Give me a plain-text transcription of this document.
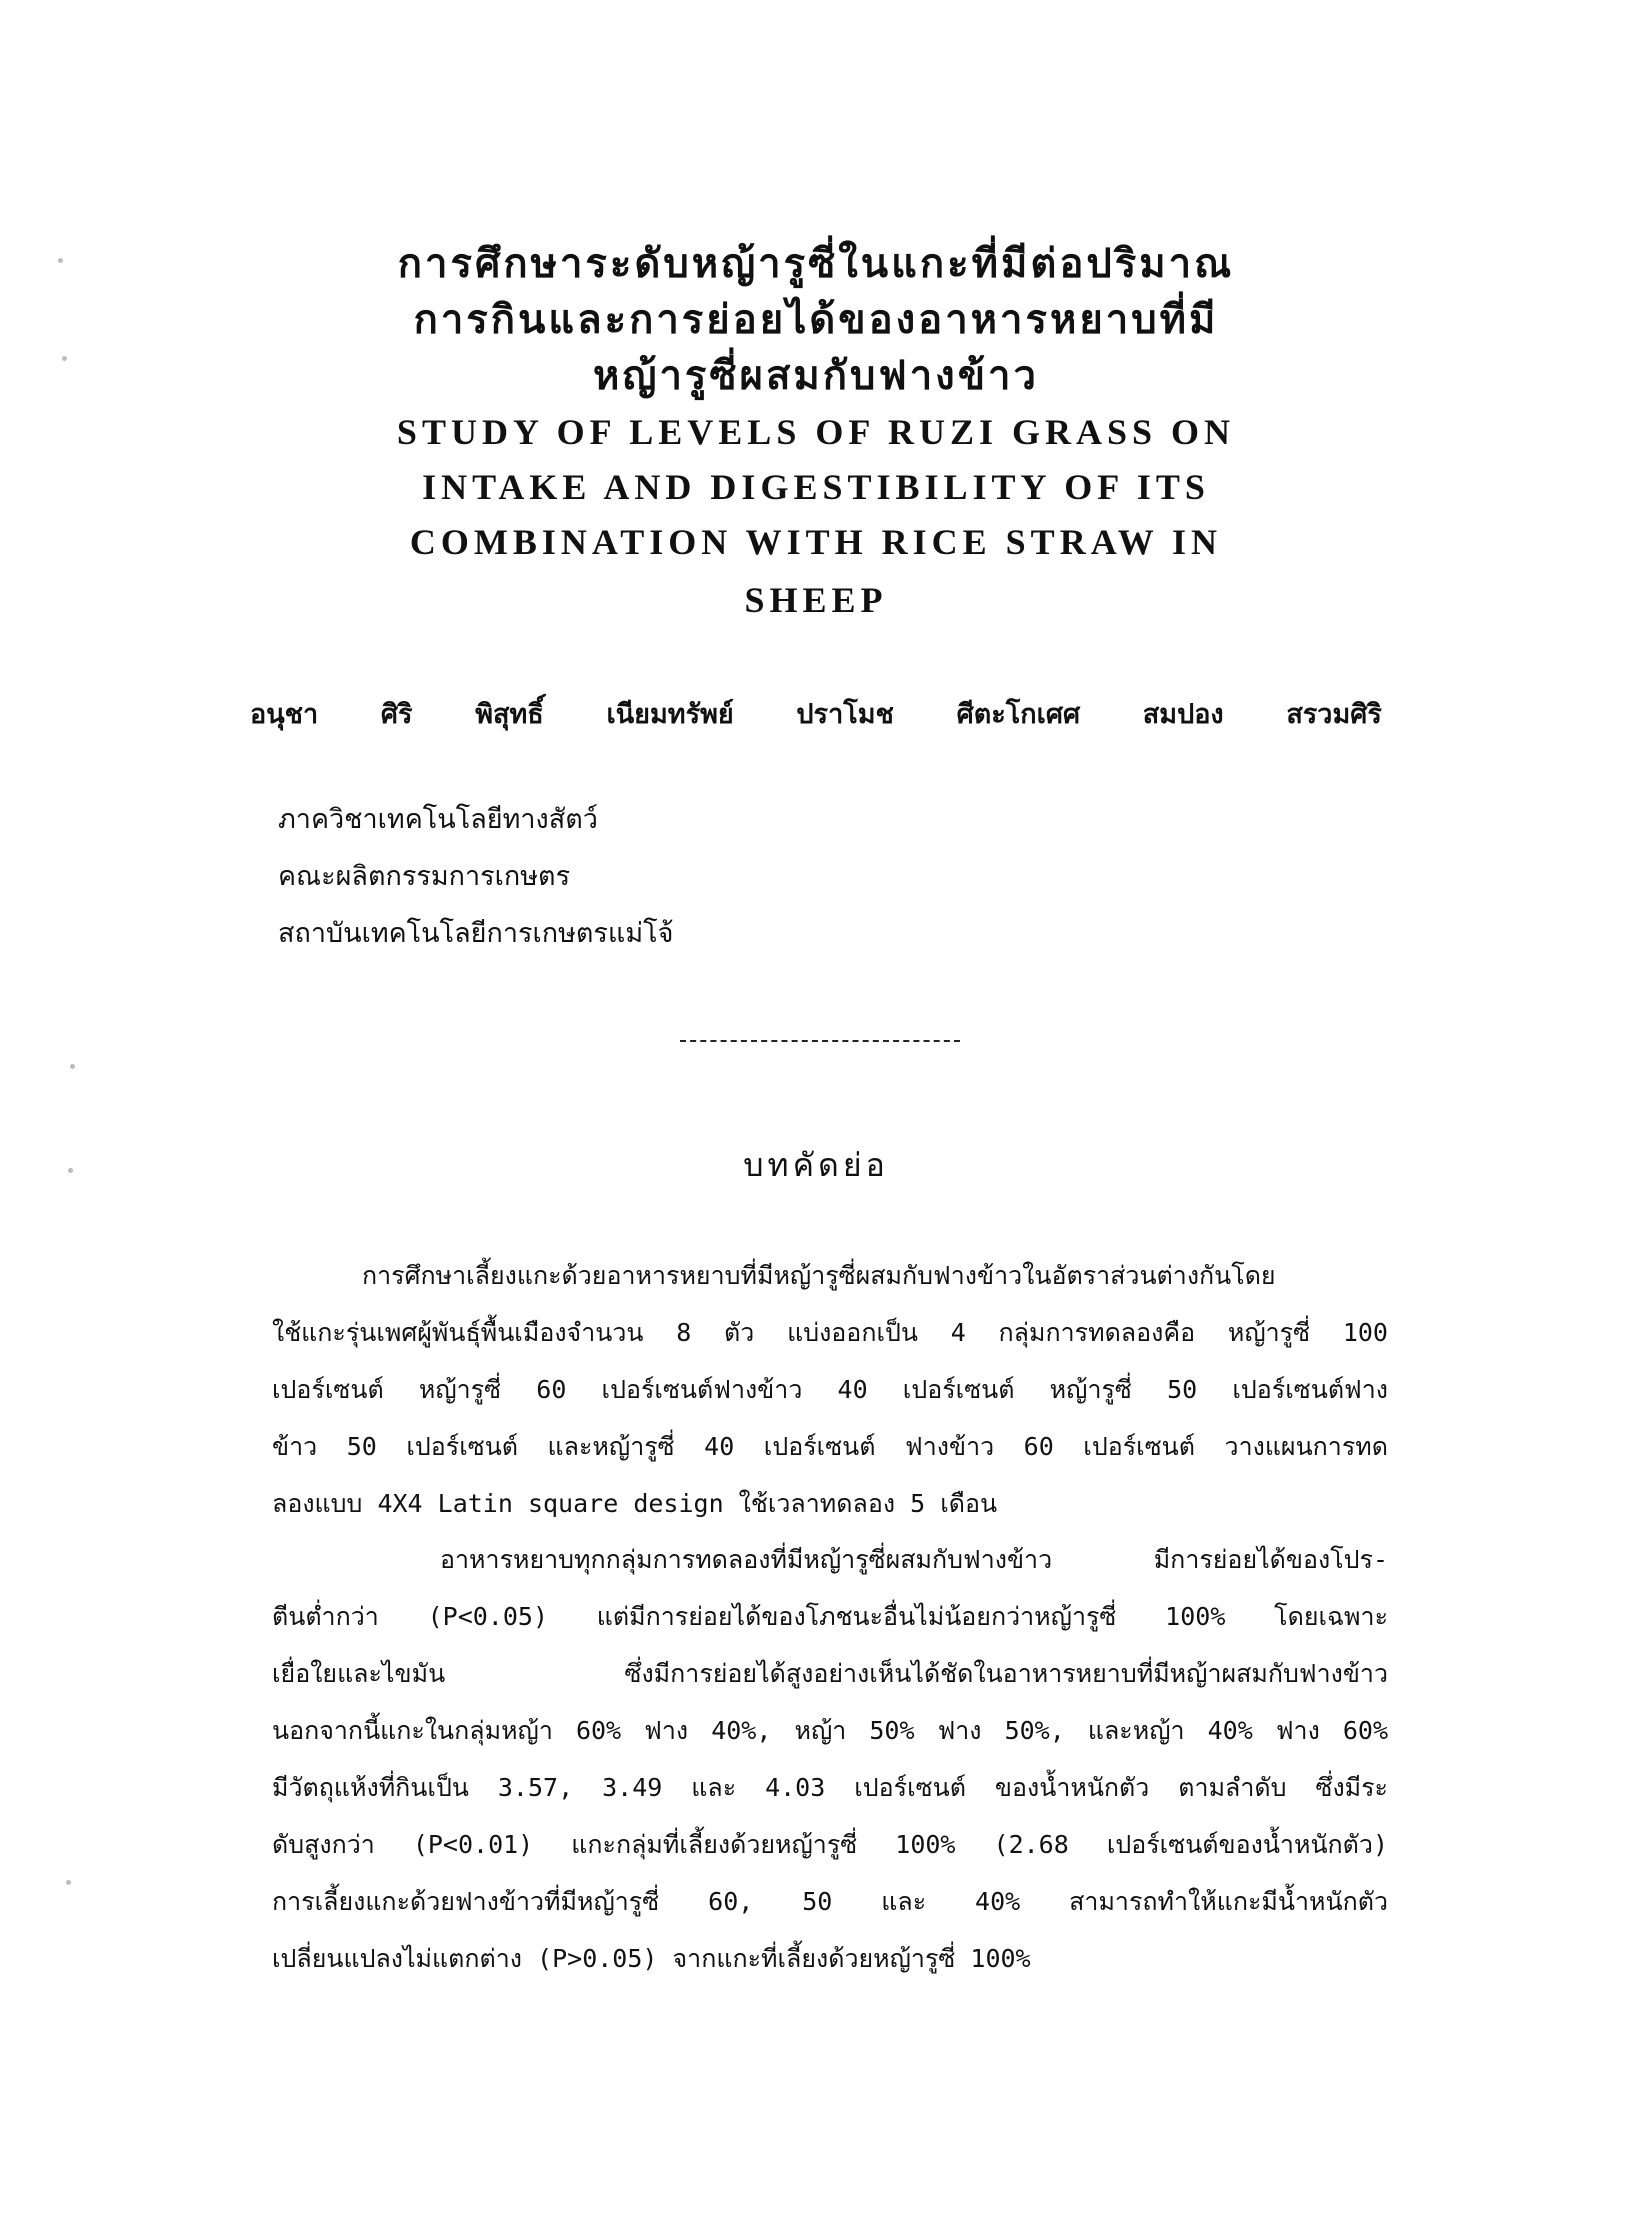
การศึกษาระดับหญ้ารูซี่ในแกะที่มีต่อปริมาณ
การกินและการย่อยได้ของอาหารหยาบที่มี
หญ้ารูซี่ผสมกับฟางข้าว
STUDY OF LEVELS OF RUZI GRASS ON
INTAKE AND DIGESTIBILITY OF ITS
COMBINATION WITH RICE STRAW IN
SHEEP
อนุชา ศิริ พิสุทธิ์ เนียมทรัพย์ ปราโมช ศีตะโกเศศ สมปอง สรวมศิริ
ภาควิชาเทคโนโลยีทางสัตว์
คณะผลิตกรรมการเกษตร
สถาบันเทคโนโลยีการเกษตรแม่โจ้
บทคัดย่อ
การศึกษาเลี้ยงแกะด้วยอาหารหยาบที่มีหญ้ารูซี่ผสมกับฟางข้าวในอัตราส่วนต่างกันโดย
ใช้แกะรุ่นเพศผู้พันธุ์พื้นเมืองจำนวน 8 ตัว แบ่งออกเป็น 4 กลุ่มการทดลองคือ หญ้ารูซี่ 100
เปอร์เซนต์ หญ้ารูซี่ 60 เปอร์เซนต์ฟางข้าว 40 เปอร์เซนต์ หญ้ารูซี่ 50 เปอร์เซนต์ฟาง
ข้าว 50 เปอร์เซนต์ และหญ้ารูซี่ 40 เปอร์เซนต์ ฟางข้าว 60 เปอร์เซนต์ วางแผนการทด
ลองแบบ 4X4 Latin square design ใช้เวลาทดลอง 5 เดือน
อาหารหยาบทุกกลุ่มการทดลองที่มีหญ้ารูซี่ผสมกับฟางข้าว มีการย่อยได้ของโปร-
ตีนต่ำกว่า (P<0.05) แต่มีการย่อยได้ของโภชนะอื่นไม่น้อยกว่าหญ้ารูซี่ 100% โดยเฉพาะ
เยื่อใยและไขมัน ซึ่งมีการย่อยได้สูงอย่างเห็นได้ชัดในอาหารหยาบที่มีหญ้าผสมกับฟางข้าว
นอกจากนี้แกะในกลุ่มหญ้า 60% ฟาง 40%, หญ้า 50% ฟาง 50%, และหญ้า 40% ฟาง 60%
มีวัตถุแห้งที่กินเป็น 3.57, 3.49 และ 4.03 เปอร์เซนต์ ของน้ำหนักตัว ตามลำดับ ซึ่งมีระ
ดับสูงกว่า (P<0.01) แกะกลุ่มที่เลี้ยงด้วยหญ้ารูซี่ 100% (2.68 เปอร์เซนต์ของน้ำหนักตัว)
การเลี้ยงแกะด้วยฟางข้าวที่มีหญ้ารูซี่ 60, 50 และ 40% สามารถทำให้แกะมีน้ำหนักตัว
เปลี่ยนแปลงไม่แตกต่าง (P>0.05) จากแกะที่เลี้ยงด้วยหญ้ารูซี่ 100%
